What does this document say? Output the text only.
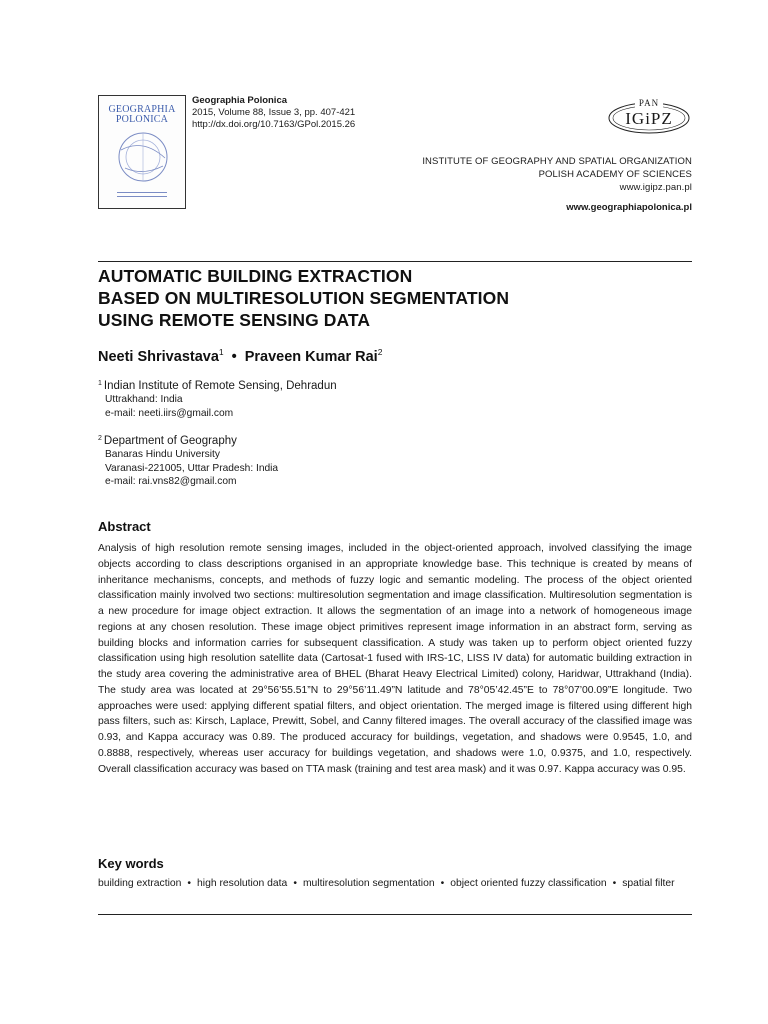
GEOGRAPHIA
POLONICA
Geographia Polonica
2015, Volume 88, Issue 3, pp. 407-421
http://dx.doi.org/10.7163/GPol.2015.26
PAN
IGiPZ
INSTITUTE OF GEOGRAPHY AND SPATIAL ORGANIZATION
POLISH ACADEMY OF SCIENCES
www.igipz.pan.pl
www.geographiapolonica.pl
AUTOMATIC BUILDING EXTRACTION
BASED ON MULTIRESOLUTION SEGMENTATION
USING REMOTE SENSING DATA
Neeti Shrivastava$^1$ • Praveen Kumar Rai$^2$
$^1$ Indian Institute of Remote Sensing, Dehradun
Uttrakhand: India
e-mail: neeti.iirs@gmail.com
$^2$ Department of Geography
Banaras Hindu University
Varanasi-221005, Uttar Pradesh: India
e-mail: rai.vns82@gmail.com
Abstract

Analysis of high resolution remote sensing images, included in the object-oriented approach, involved classifying the image objects according to class descriptions organised in an appropriate knowledge base. This technique is created by means of inheritance mechanisms, concepts, and methods of fuzzy logic and semantic modeling. The process of the object oriented classification mainly involved two sections: multiresolution segmentation and image classification. Multiresolution segmentation is a new procedure for image object extraction. It allows the segmentation of an image into a network of homogeneous image regions at any chosen resolution. These image object primitives represent image information in an abstract form, serving as building blocks and information carries for subsequent classification. A study was taken up to perform object oriented fuzzy classification using high resolution satellite data (Cartosat-1 fused with IRS-1C, LISS IV data) for automatic building extraction in the study area covering the administrative area of BHEL (Bharat Heavy Electrical Limited) colony, Haridwar, Uttrakhand (India). The study area was located at 29°56’55.51”N to 29°56’11.49”N latitude and 78°05’42.45”E to 78°07’00.09”E longitude. Two approaches were used: applying different spatial filters, and object orientation. The merged image is filtered using different high pass filters, such as: Kirsch, Laplace, Prewitt, Sobel, and Canny filtered images. The overall accuracy of the classified image was 0.93, and Kappa accuracy was 0.89. The produced accuracy for buildings, vegetation, and shadows were 0.9545, 1.0, and 0.8888, respectively, whereas user accuracy for buildings vegetation, and shadows were 1.0, 0.9375, and 1.0, respectively. Overall classification accuracy was based on TTA mask (training and test area mask) and it was 0.97. Kappa accuracy was 0.95.

Key words

building extraction • high resolution data • multiresolution segmentation • object oriented fuzzy classification • spatial filter
